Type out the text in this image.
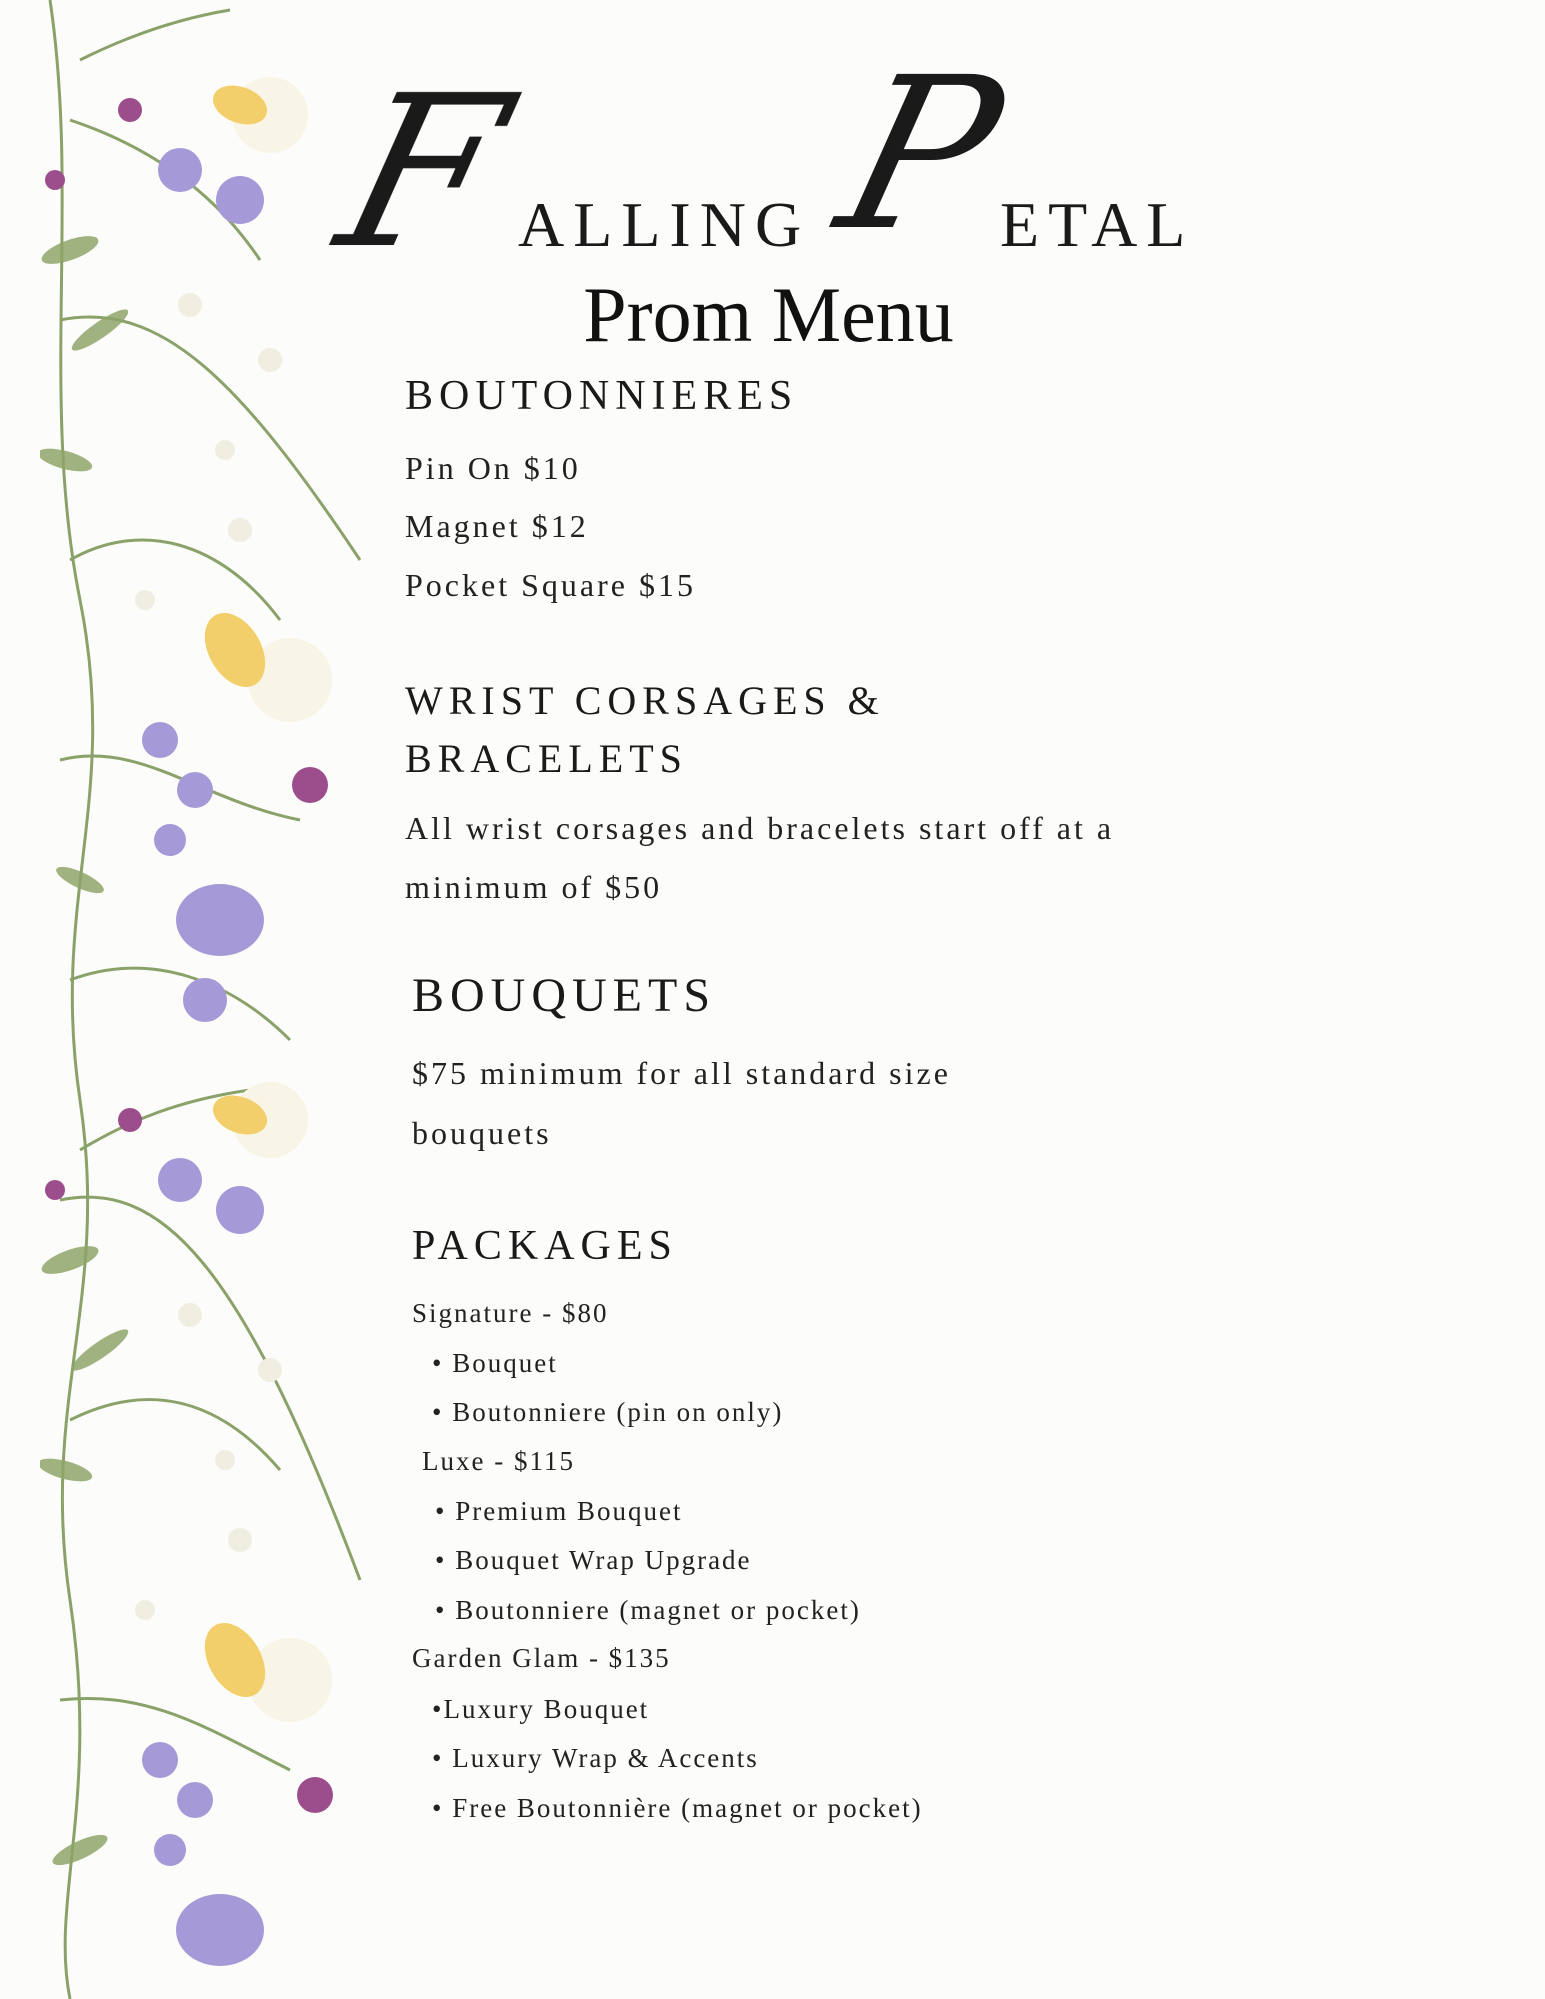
F
ALLING P
ETAL
Prom Menu
BOUTONNIERES
Pin On $10
Magnet $12
Pocket Square $15
WRIST CORSAGES &
BRACELETS
All wrist corsages and bracelets start off at a
minimum of $50
BOUQUETS
$75 minimum for all standard size
bouquets
PACKAGES
Signature - $80
• Bouquet
• Boutonniere (pin on only)
Luxe - $115
• Premium Bouquet
• Bouquet Wrap Upgrade
• Boutonniere (magnet or pocket)
Garden Glam - $135
•Luxury Bouquet
• Luxury Wrap & Accents
• Free Boutonnière (magnet or pocket)
